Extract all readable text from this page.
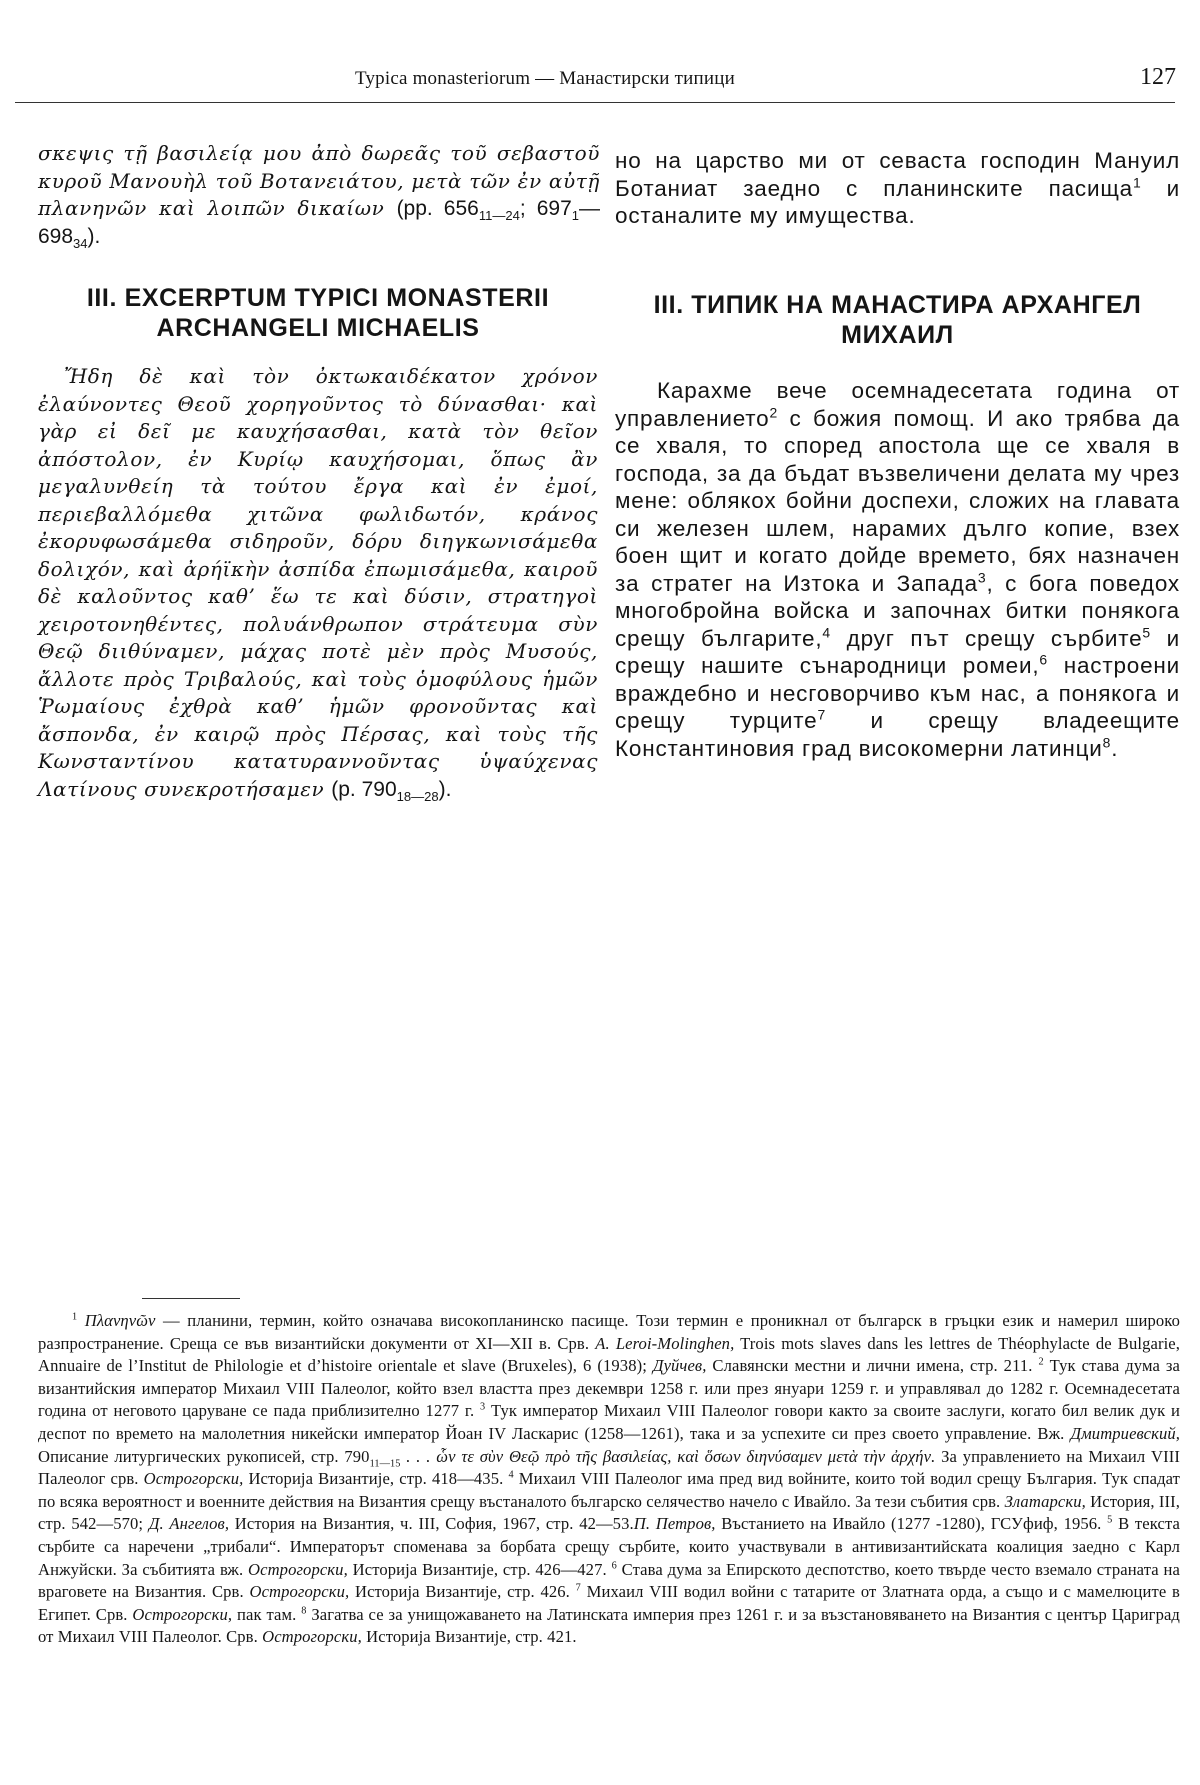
Typica monasteriorum — Манастирски типици	127

σκεψις τῇ βασιλείᾳ μου ἀπὸ δωρεᾶς τοῦ σεβαστοῦ κυροῦ Μανουὴλ τοῦ Βοτανειάτου, μετὰ τῶν ἐν αὐτῇ πλανηνῶν καὶ λοιπῶν δικαίων (pp. $656_{11—24}$; $697_1—698_{34}$).

III. EXCERPTUM TYPICI MONASTERII ARCHANGELI MICHAELIS

Ἤδη δὲ καὶ τὸν ὀκτωκαιδέκατον χρόνον ἐλαύνοντες Θεοῦ χορηγοῦντος τὸ δύνασθαι· καὶ γὰρ εἰ δεῖ με καυχήσασθαι, κατὰ τὸν θεῖον ἀπόστολον, ἐν Κυρίῳ καυχήσομαι, ὅπως ἂν μεγαλυνθείη τὰ τούτου ἔργα καὶ ἐν ἐμοί, περιεβαλλόμεθα χιτῶνα φωλιδωτόν, κράνος ἐκορυφωσάμεθα σιδηροῦν, δόρυ διηγκωνισάμεθα δολιχόν, καὶ ἀρήϊκὴν ἀσπίδα ἐπωμισάμεθα, καιροῦ δὲ καλοῦντος καθ’ ἕω τε καὶ δύσιν, στρατηγοὶ χειροτονηθέντες, πολυάνθρωπον στράτευμα σὺν Θεῷ διιθύναμεν, μάχας ποτὲ μὲν πρὸς Μυσούς, ἄλλοτε πρὸς Τριβαλούς, καὶ τοὺς ὁμοφύλους ἡμῶν Ῥωμαίους ἐχθρὰ καθ’ ἡμῶν φρονοῦντας καὶ ἄσπονδα, ἐν καιρῷ πρὸς Πέρσας, καὶ τοὺς τῆς Κωνσταντίνου κατατυραννοῦντας ὑψαύχενας Λατίνους συνεκροτήσαμεν (p. $790_{18—28}$).

но на царство ми от севаста господин Мануил Ботаниат заедно с планинските пасища$^1$ и останалите му имущества.

III. ТИПИК НА МАНАСТИРА АРХАНГЕЛ МИХАИЛ

Карахме вече осемнадесетата година от управлението$^2$ с божия помощ. И ако трябва да се хваля, то според апостола ще се хваля в господа, за да бъдат възвеличени делата му чрез мене: облякох бойни доспехи, сложих на главата си железен шлем, нарамих дълго копие, взех боен щит и когато дойде времето, бях назначен за стратег на Изтока и Запада$^3$, с бога поведох многобройна войска и започнах битки понякога срещу българите,$^4$ друг път срещу сърбите$^5$ и срещу нашите сънародници ромеи,$^6$ настроени враждебно и несговорчиво към нас, а понякога и срещу турците$^7$ и срещу владеещите Константиновия град високомерни латинци$^8$.

$^1$ Πλανηνῶν — планини, термин, който означава високопланинско пасище. Този термин е проникнал от българск в гръцки език и намерил широко разпространение. Среща се във византийски документи от XI—XII в. Срв. A. Leroi-Molinghen, Trois mots slaves dans les lettres de Théophylacte de Bulgarie, Annuaire de l’Institut de Philologie et d’histoire orientale et slave (Bruxeles), 6 (1938); Дуйчев, Славянски местни и лични имена, стр. 211. $^2$ Тук става дума за византийския император Михаил VIII Палеолог, който взел властта през декември 1258 г. или през януари 1259 г. и управлявал до 1282 г. Осемнадесетата година от неговото царуване се пада приблизително 1277 г. $^3$ Тук император Михаил VIII Палеолог говори както за своите заслуги, когато бил велик дук и деспот по времето на малолетния никейски император Йоан IV Ласкарис (1258—1261), така и за успехите си през своето управление. Вж. Дмитриевский, Описание литургических рукописей, стр. $790_{11—15}$ . . . ὧν τε σὺν Θεῷ πρὸ τῆς βασιλείας, καὶ ὅσων διηνύσαμεν μετὰ τὴν ἀρχήν. За управлението на Михаил VIII Палеолог срв. Острогорски, Историја Византије, стр. 418—435. $^4$ Михаил VIII Палеолог има пред вид войните, които той водил срещу България. Тук спадат по всяка вероятност и военните действия на Византия срещу въстаналото българско селячество начело с Ивайло. За тези събития срв. Златарски, История, III, стр. 542—570; Д. Ангелов, История на Византия, ч. III, София, 1967, стр. 42—53.П. Петров, Въстанието на Ивайло (1277 -1280), ГСУфиф, 1956. $^5$ В текста сърбите са наречени „трибали“. Императорът споменава за борбата срещу сърбите, които участвували в антивизантийската коалиция заедно с Карл Анжуйски. За събитията вж. Острогорски, Историја Византије, стр. 426—427. $^6$ Става дума за Епирското деспотство, което твърде често вземало страната на враговете на Византия. Срв. Острогорски, Историја Византије, стр. 426. $^7$ Михаил VIII водил войни с татарите от Златната орда, а също и с мамелюците в Египет. Срв. Острогорски, пак там. $^8$ Загатва се за унищожаването на Латинската империя през 1261 г. и за възстановяването на Византия с център Цариград от Михаил VIII Палеолог. Срв. Острогорски, Историја Византије, стр. 421.
